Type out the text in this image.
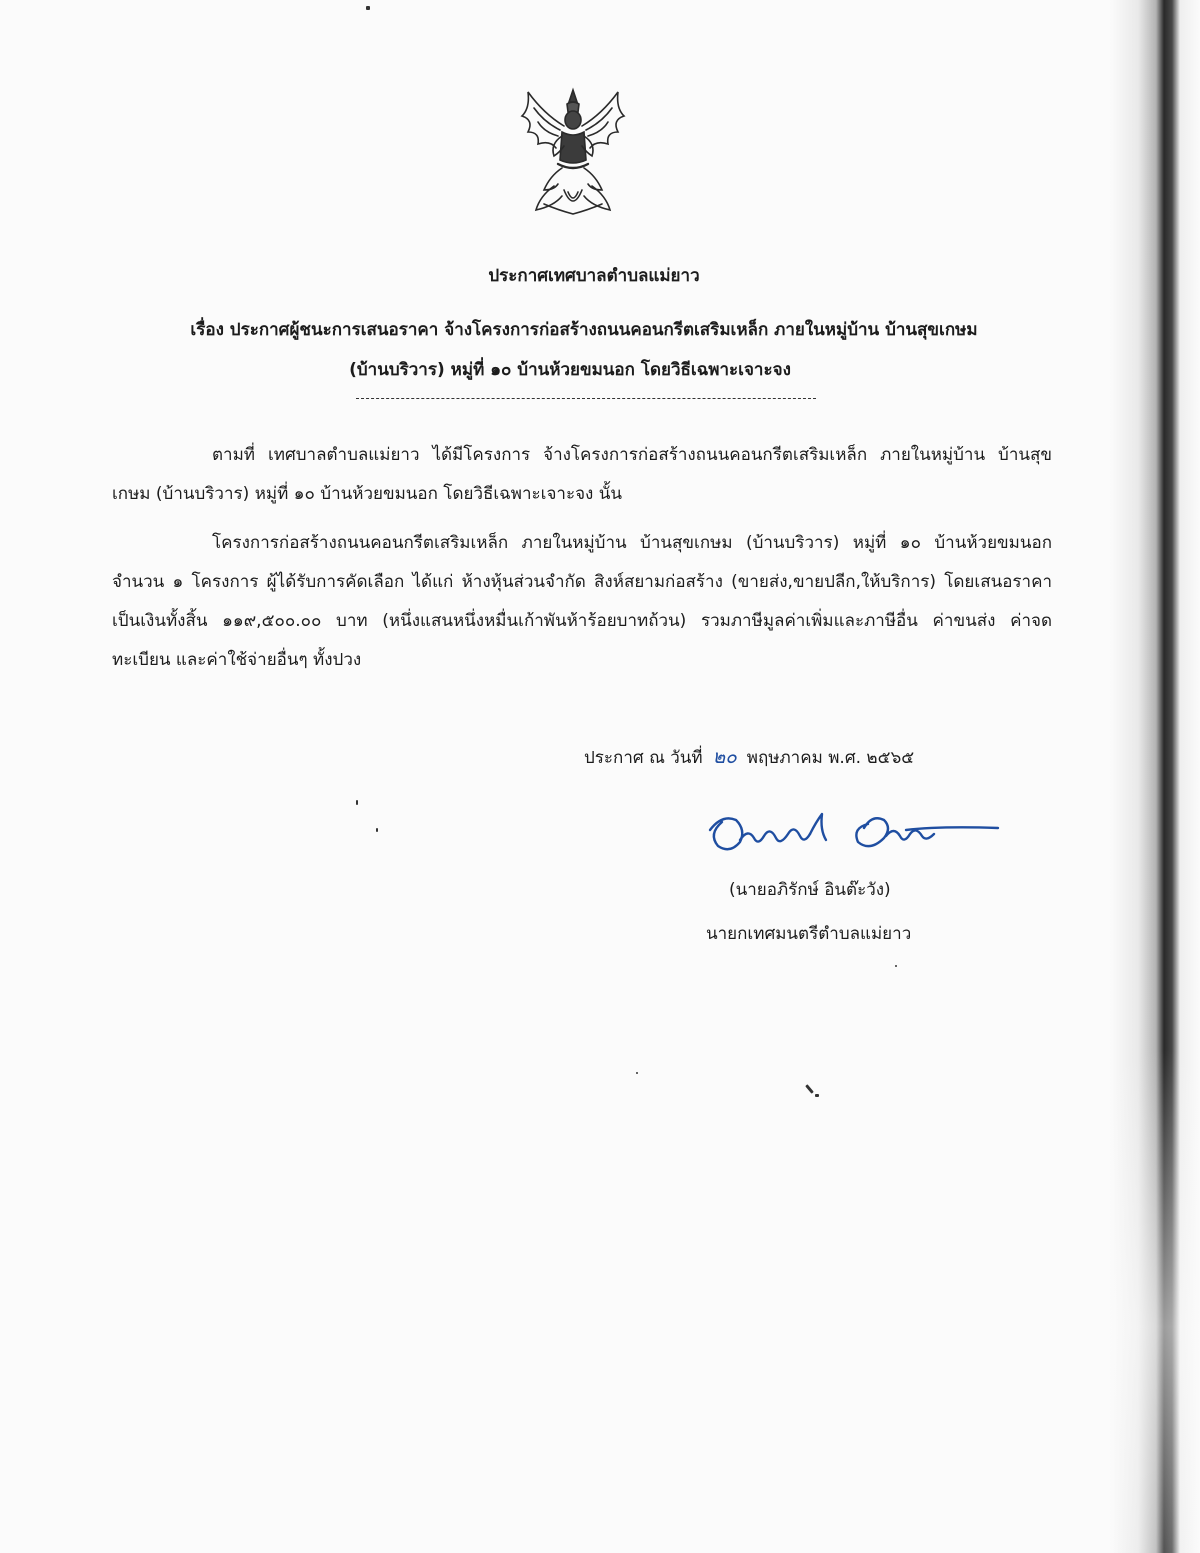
ประกาศเทศบาลตำบลแม่ยาว
เรื่อง ประกาศผู้ชนะการเสนอราคา จ้างโครงการก่อสร้างถนนคอนกรีตเสริมเหล็ก ภายในหมู่บ้าน บ้านสุขเกษม
(บ้านบริวาร) หมู่ที่ ๑๐ บ้านห้วยขมนอก โดยวิธีเฉพาะเจาะจง
ตามที่ เทศบาลตำบลแม่ยาว ได้มีโครงการ จ้างโครงการก่อสร้างถนนคอนกรีตเสริมเหล็ก ภายในหมู่บ้าน บ้านสุขเกษม (บ้านบริวาร) หมู่ที่ ๑๐ บ้านห้วยขมนอก โดยวิธีเฉพาะเจาะจง นั้น
โครงการก่อสร้างถนนคอนกรีตเสริมเหล็ก ภายในหมู่บ้าน บ้านสุขเกษม (บ้านบริวาร) หมู่ที่ ๑๐ บ้านห้วยขมนอก จำนวน ๑ โครงการ ผู้ได้รับการคัดเลือก ได้แก่ ห้างหุ้นส่วนจำกัด สิงห์สยามก่อสร้าง (ขายส่ง,ขายปลีก,ให้บริการ) โดยเสนอราคา เป็นเงินทั้งสิ้น ๑๑๙,๕๐๐.๐๐ บาท (หนึ่งแสนหนึ่งหมื่นเก้าพันห้าร้อยบาทถ้วน) รวมภาษีมูลค่าเพิ่มและภาษีอื่น ค่าขนส่ง ค่าจดทะเบียน และค่าใช้จ่ายอื่นๆ ทั้งปวง
ประกาศ ณ วันที่ ๒๐ พฤษภาคม พ.ศ. ๒๕๖๕
(นายอภิรักษ์ อินต๊ะวัง)
นายกเทศมนตรีตำบลแม่ยาว
